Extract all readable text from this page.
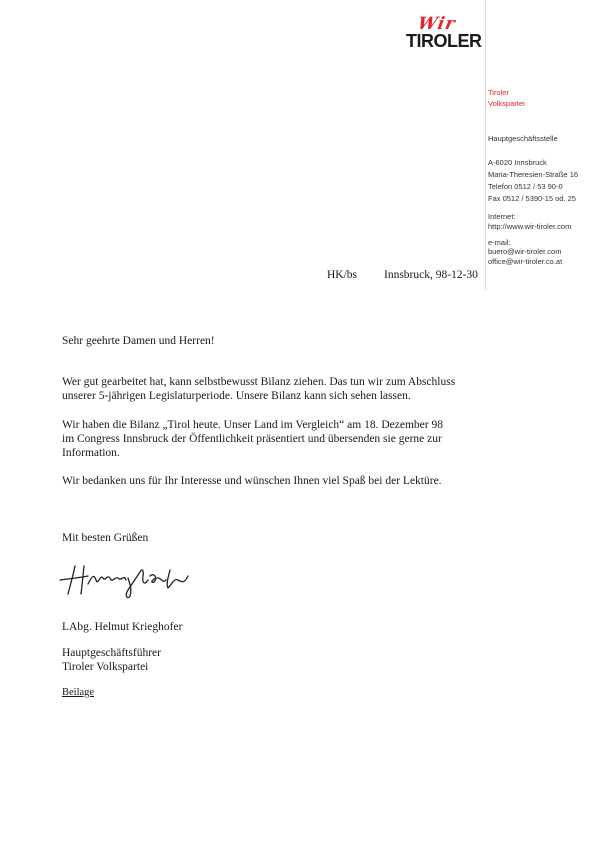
Wir
TIROLER
Tiroler
Volkspartei
Hauptgeschäftsstelle
A-6020 Innsbruck
Maria-Theresien-Straße 16
Telefon 0512 / 53 90-0
Fax 0512 / 5390-15 od. 25
Internet:
http://www.wir-tiroler.com
e-mail:
buero@wir-tiroler.com
office@wir-tiroler.co.at
HK/bs Innsbruck, 98-12-30
Sehr geehrte Damen und Herren!
Wer gut gearbeitet hat, kann selbstbewusst Bilanz ziehen. Das tun wir zum Abschluss
unserer 5-jährigen Legislaturperiode. Unsere Bilanz kann sich sehen lassen.
Wir haben die Bilanz „Tirol heute. Unser Land im Vergleich“ am 18. Dezember 98
im Congress Innsbruck der Öffentlichkeit präsentiert und übersenden sie gerne zur
Information.
Wir bedanken uns für Ihr Interesse und wünschen Ihnen viel Spaß bei der Lektüre.
Mit besten Grüßen
LAbg. Helmut Krieghofer
Hauptgeschäftsführer
Tiroler Volkspartei
Beilage
